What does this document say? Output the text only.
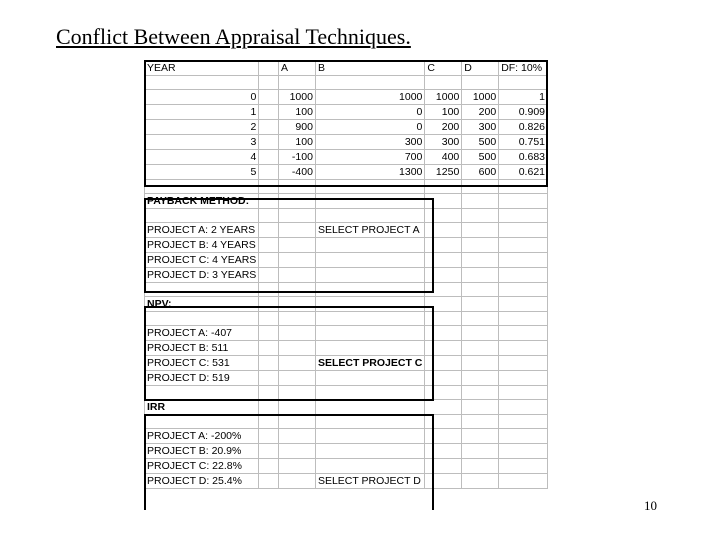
Conflict Between Appraisal Techniques.
YEAR		A	B	C	D	DF: 10%

0		1000	1000	1000	1000	1
1		100	0	100	200	0.909
2		900	0	200	300	0.826
3		100	300	300	500	0.751
4		-100	700	400	500	0.683
5		-400	1300	1250	600	0.621

PAYBACK METHOD:						

PROJECT A: 2 YEARS			SELECT PROJECT A			
PROJECT B: 4 YEARS						
PROJECT C: 4 YEARS						
PROJECT D: 3 YEARS						

NPV:						

PROJECT A: -407						
PROJECT B: 511						
PROJECT C: 531			SELECT PROJECT C			
PROJECT D: 519						

IRR						

PROJECT A: -200%						
PROJECT B: 20.9%						
PROJECT C: 22.8%						
PROJECT D: 25.4%			SELECT PROJECT D			
10
